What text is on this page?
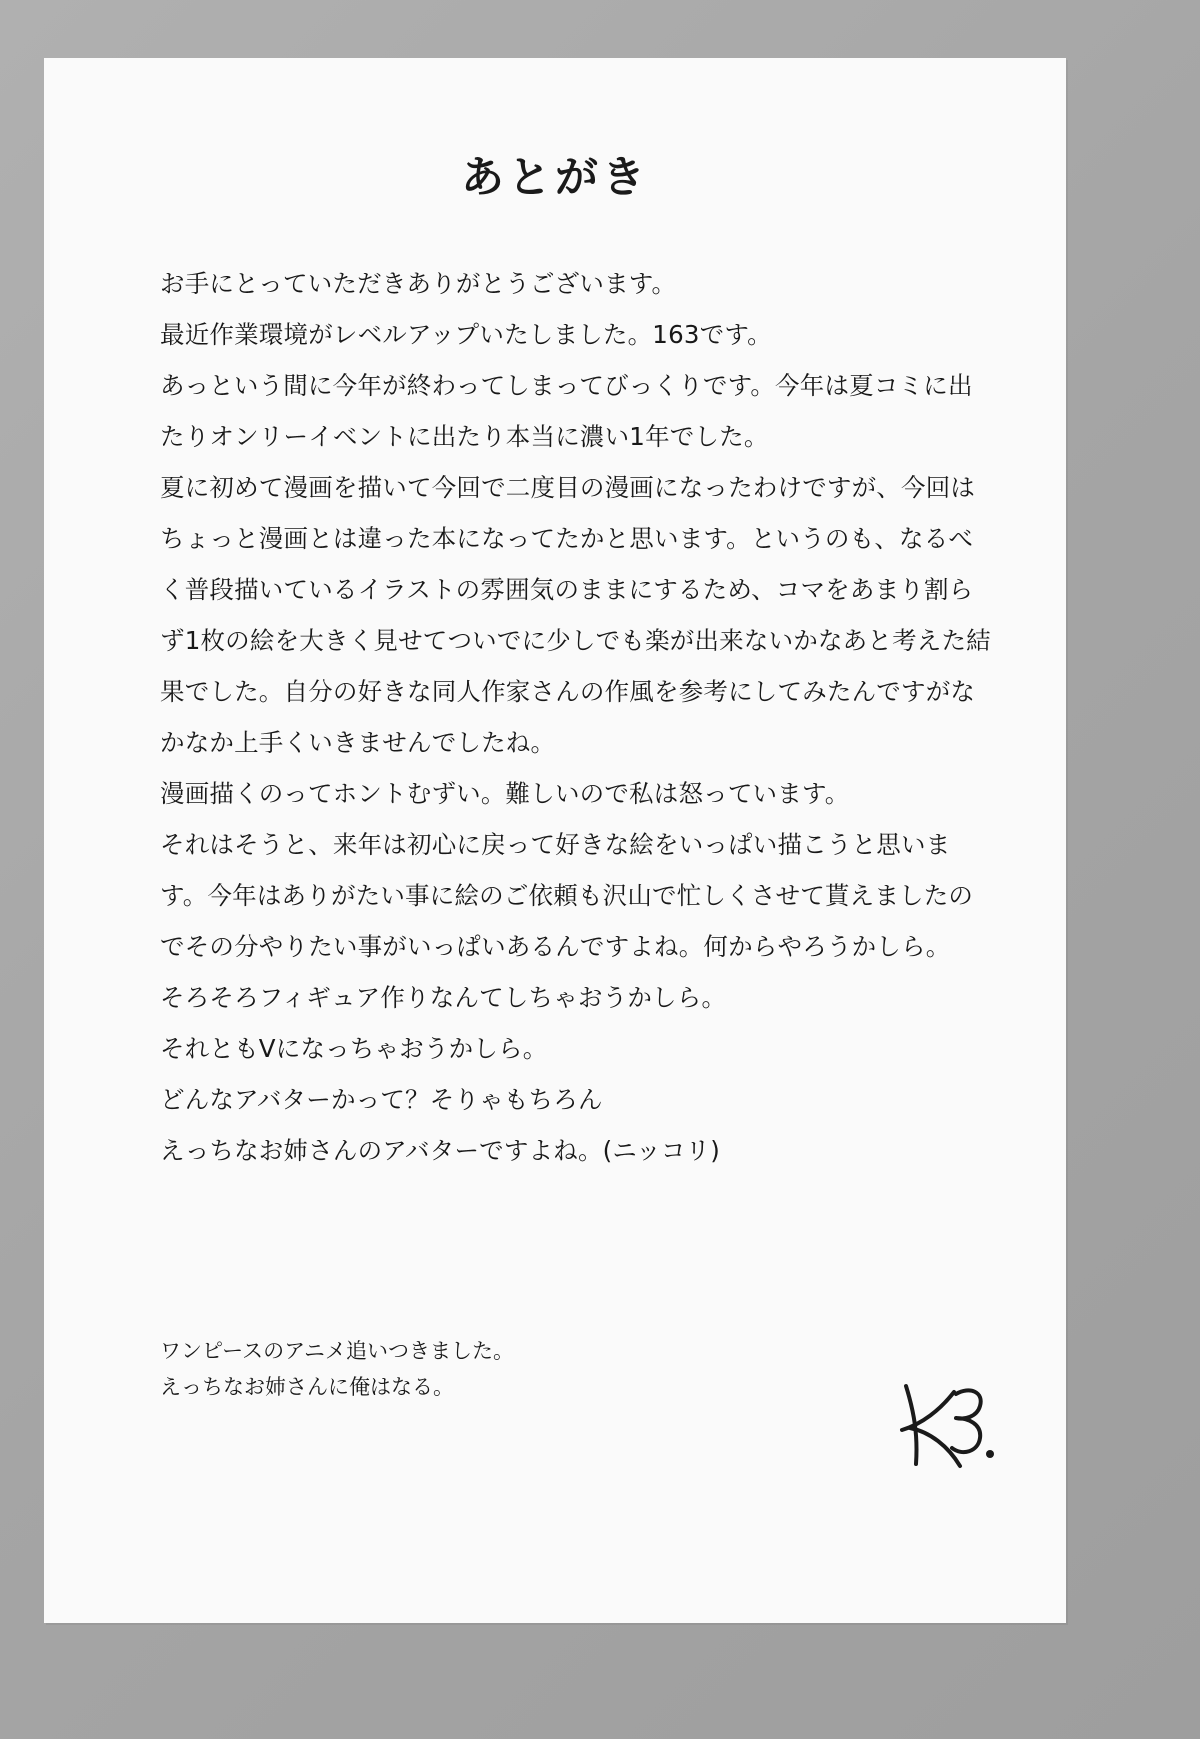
あとがき
お手にとっていただきありがとうございます。
最近作業環境がレベルアップいたしました。163です。
あっという間に今年が終わってしまってびっくりです。今年は夏コミに出
たりオンリーイベントに出たり本当に濃い1年でした。
夏に初めて漫画を描いて今回で二度目の漫画になったわけですが、今回は
ちょっと漫画とは違った本になってたかと思います。というのも、なるべ
く普段描いているイラストの雰囲気のままにするため、コマをあまり割ら
ず1枚の絵を大きく見せてついでに少しでも楽が出来ないかなあと考えた結
果でした。自分の好きな同人作家さんの作風を参考にしてみたんですがな
かなか上手くいきませんでしたね。
漫画描くのってホントむずい。難しいので私は怒っています。
それはそうと、来年は初心に戻って好きな絵をいっぱい描こうと思いま
す。今年はありがたい事に絵のご依頼も沢山で忙しくさせて貰えましたの
でその分やりたい事がいっぱいあるんですよね。何からやろうかしら。
そろそろフィギュア作りなんてしちゃおうかしら。
それともVになっちゃおうかしら。
どんなアバターかって？そりゃもちろん
えっちなお姉さんのアバターですよね。(ニッコリ)
ワンピースのアニメ追いつきました。
えっちなお姉さんに俺はなる。
